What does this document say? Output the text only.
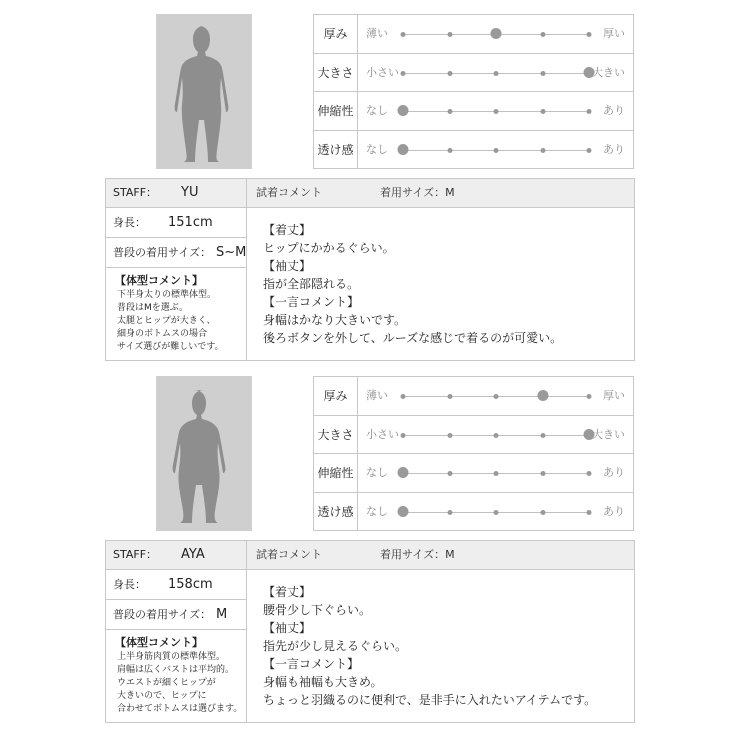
厚み	薄い	厚い
大きさ	小さい	大きい
伸縮性	なし	あり
透け感	なし	あり
STAFF： YU
身長： 151cm
普段の着用サイズ： S~M
【体型コメント】
下半身太りの標準体型。
普段はMを選ぶ。
太腿とヒップが大きく、
細身のボトムスの場合
サイズ選びが難しいです。
試着コメント	着用サイズ：M
【着丈】
ヒップにかかるぐらい。
【袖丈】
指が全部隠れる。
【一言コメント】
身幅はかなり大きいです。
後ろボタンを外して、ルーズな感じで着るのが可愛い。
厚み	薄い	厚い
大きさ	小さい	大きい
伸縮性	なし	あり
透け感	なし	あり
STAFF： AYA
身長： 158cm
普段の着用サイズ： M
【体型コメント】
上半身筋肉質の標準体型。
肩幅は広くバストは平均的。
ウエストが細くヒップが
大きいので、ヒップに
合わせてボトムスは選びます。
試着コメント	着用サイズ：M
【着丈】
腰骨少し下ぐらい。
【袖丈】
指先が少し見えるぐらい。
【一言コメント】
身幅も袖幅も大きめ。
ちょっと羽織るのに便利で、是非手に入れたいアイテムです。
